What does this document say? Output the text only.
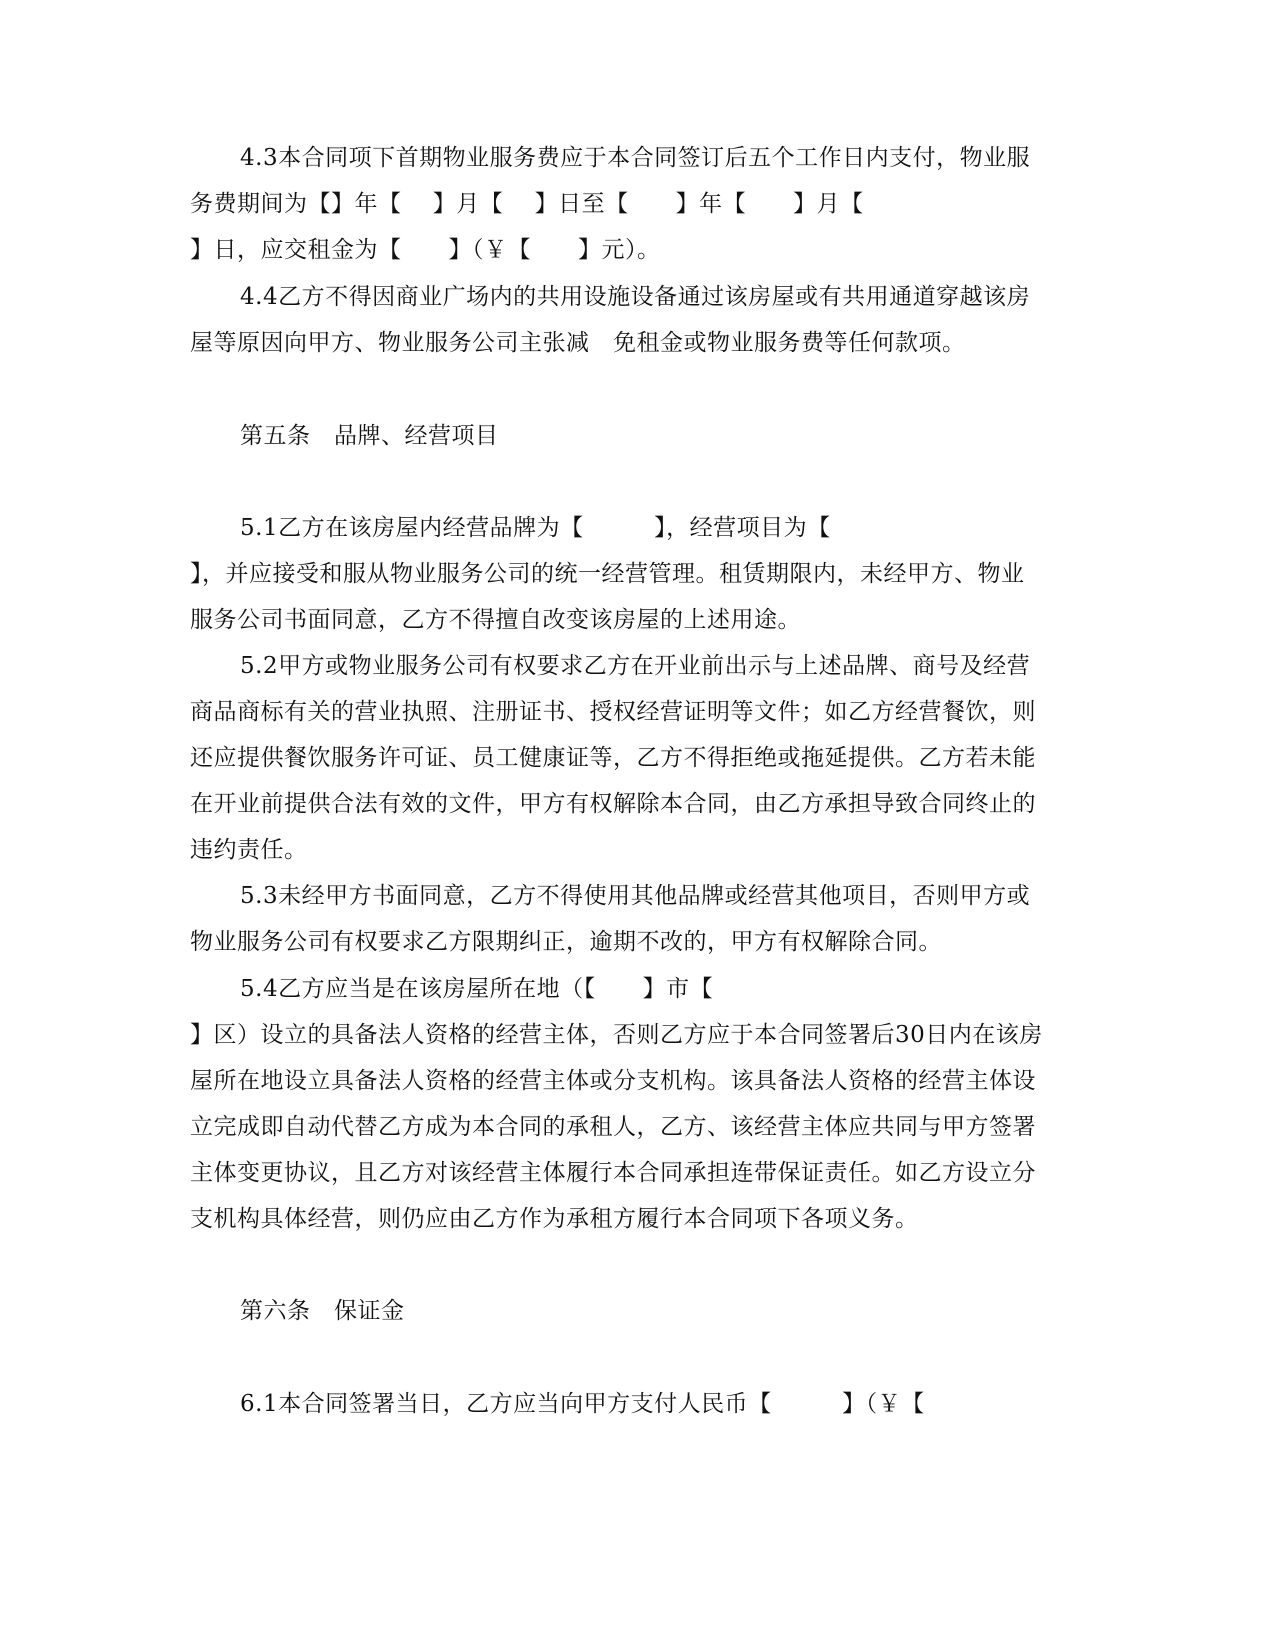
4.3本合同项下首期物业服务费应于本合同签订后五个工作日内支付，物业服
务费期间为【】年【　 】月【　 】日至【　　】年【　　】月【
】日，应交租金为【　　】（￥【　　】元）。
4.4乙方不得因商业广场内的共用设施设备通过该房屋或有共用通道穿越该房
屋等原因向甲方、物业服务公司主张减　免租金或物业服务费等任何款项。
第五条　品牌、经营项目
5.1乙方在该房屋内经营品牌为【　　　】，经营项目为【
】，并应接受和服从物业服务公司的统一经营管理。租赁期限内，未经甲方、物业
服务公司书面同意，乙方不得擅自改变该房屋的上述用途。
5.2甲方或物业服务公司有权要求乙方在开业前出示与上述品牌、商号及经营
商品商标有关的营业执照、注册证书、授权经营证明等文件；如乙方经营餐饮，则
还应提供餐饮服务许可证、员工健康证等，乙方不得拒绝或拖延提供。乙方若未能
在开业前提供合法有效的文件，甲方有权解除本合同，由乙方承担导致合同终止的
违约责任。
5.3未经甲方书面同意，乙方不得使用其他品牌或经营其他项目，否则甲方或
物业服务公司有权要求乙方限期纠正，逾期不改的，甲方有权解除合同。
5.4乙方应当是在该房屋所在地（【　　】市【
】区）设立的具备法人资格的经营主体，否则乙方应于本合同签署后30日内在该房
屋所在地设立具备法人资格的经营主体或分支机构。该具备法人资格的经营主体设
立完成即自动代替乙方成为本合同的承租人，乙方、该经营主体应共同与甲方签署
主体变更协议，且乙方对该经营主体履行本合同承担连带保证责任。如乙方设立分
支机构具体经营，则仍应由乙方作为承租方履行本合同项下各项义务。
第六条　保证金
6.1本合同签署当日，乙方应当向甲方支付人民币【　　　】（￥【
